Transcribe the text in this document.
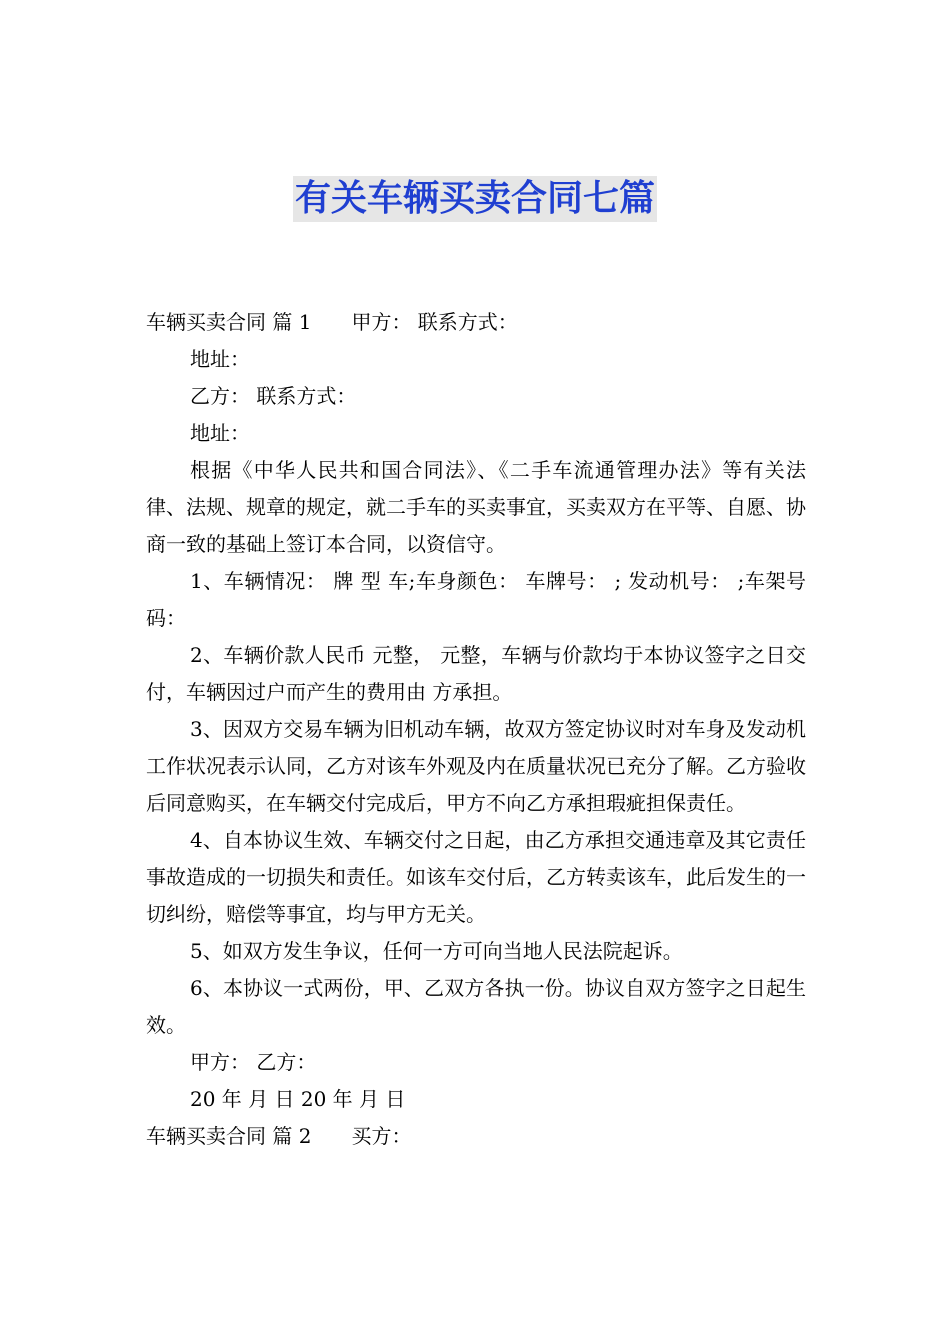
有关车辆买卖合同七篇

车辆买卖合同 篇 1 甲方： 联系方式：

地址：

乙方： 联系方式：

地址：

根据《中华人民共和国合同法》、《二手车流通管理办法》等有关法律、法规、规章的规定，就二手车的买卖事宜，买卖双方在平等、自愿、协商一致的基础上签订本合同，以资信守。

1、车辆情况： 牌 型 车;车身颜色： 车牌号： ; 发动机号： ;车架号码：

2、车辆价款人民币 元整， 元整，车辆与价款均于本协议签字之日交付，车辆因过户而产生的费用由 方承担。

3、因双方交易车辆为旧机动车辆，故双方签定协议时对车身及发动机工作状况表示认同，乙方对该车外观及内在质量状况已充分了解。乙方验收后同意购买，在车辆交付完成后，甲方不向乙方承担瑕疵担保责任。

4、自本协议生效、车辆交付之日起，由乙方承担交通违章及其它责任事故造成的一切损失和责任。如该车交付后，乙方转卖该车，此后发生的一切纠纷，赔偿等事宜，均与甲方无关。

5、如双方发生争议，任何一方可向当地人民法院起诉。

6、本协议一式两份，甲、乙双方各执一份。协议自双方签字之日起生效。

甲方： 乙方：

20 年 月 日 20 年 月 日

车辆买卖合同 篇 2 买方：
